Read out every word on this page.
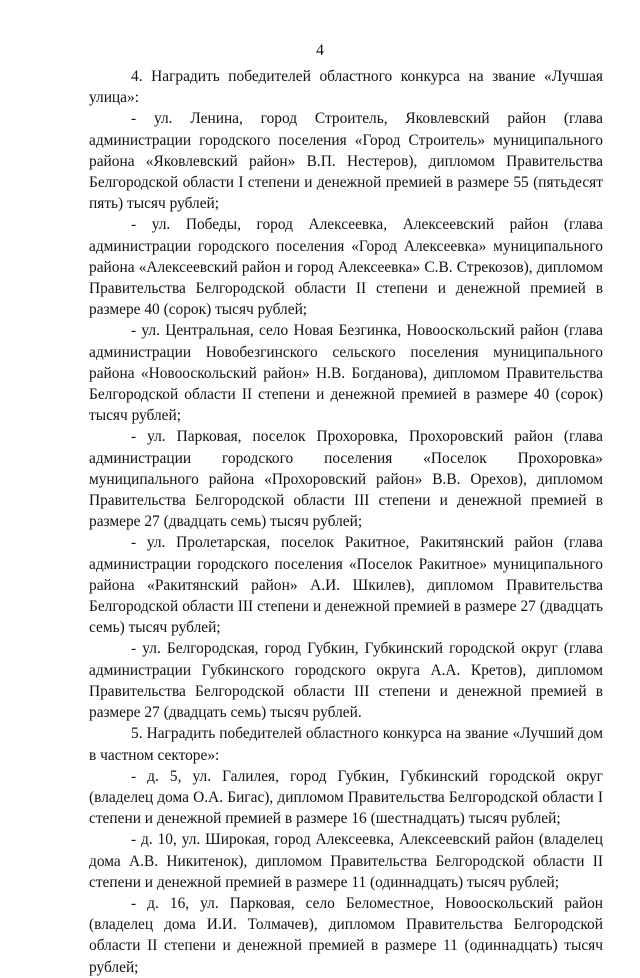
4

4. Наградить победителей областного конкурса на звание «Лучшая улица»:

- ул. Ленина, город Строитель, Яковлевский район (глава администрации городского поселения «Город Строитель» муниципального района «Яковлевский район» В.П. Нестеров), дипломом Правительства Белгородской области I степени и денежной премией в размере 55 (пятьдесят пять) тысяч рублей;

- ул. Победы, город Алексеевка, Алексеевский район (глава администрации городского поселения «Город Алексеевка» муниципального района «Алексеевский район и город Алексеевка» С.В. Стрекозов), дипломом Правительства Белгородской области II степени и денежной премией в размере 40 (сорок) тысяч рублей;

- ул. Центральная, село Новая Безгинка, Новооскольский район (глава администрации Новобезгинского сельского поселения муниципального района «Новооскольский район» Н.В. Богданова), дипломом Правительства Белгородской области II степени и денежной премией в размере 40 (сорок) тысяч рублей;

- ул. Парковая, поселок Прохоровка, Прохоровский район (глава администрации городского поселения «Поселок Прохоровка» муниципального района «Прохоровский район» В.В. Орехов), дипломом Правительства Белгородской области III степени и денежной премией в размере 27 (двадцать семь) тысяч рублей;

- ул. Пролетарская, поселок Ракитное, Ракитянский район (глава администрации городского поселения «Поселок Ракитное» муниципального района «Ракитянский район» А.И. Шкилев), дипломом Правительства Белгородской области III степени и денежной премией в размере 27 (двадцать семь) тысяч рублей;

- ул. Белгородская, город Губкин, Губкинский городской округ (глава администрации Губкинского городского округа А.А. Кретов), дипломом Правительства Белгородской области III степени и денежной премией в размере 27 (двадцать семь) тысяч рублей.

5. Наградить победителей областного конкурса на звание «Лучший дом в частном секторе»:

- д. 5, ул. Галилея, город Губкин, Губкинский городской округ (владелец дома О.А. Бигас), дипломом Правительства Белгородской области I степени и денежной премией в размере 16 (шестнадцать) тысяч рублей;

- д. 10, ул. Широкая, город Алексеевка, Алексеевский район (владелец дома А.В. Никитенок), дипломом Правительства Белгородской области II степени и денежной премией в размере 11 (одиннадцать) тысяч рублей;

- д. 16, ул. Парковая, село Беломестное, Новооскольский район (владелец дома И.И. Толмачев), дипломом Правительства Белгородской области II степени и денежной премией в размере 11 (одиннадцать) тысяч рублей;
